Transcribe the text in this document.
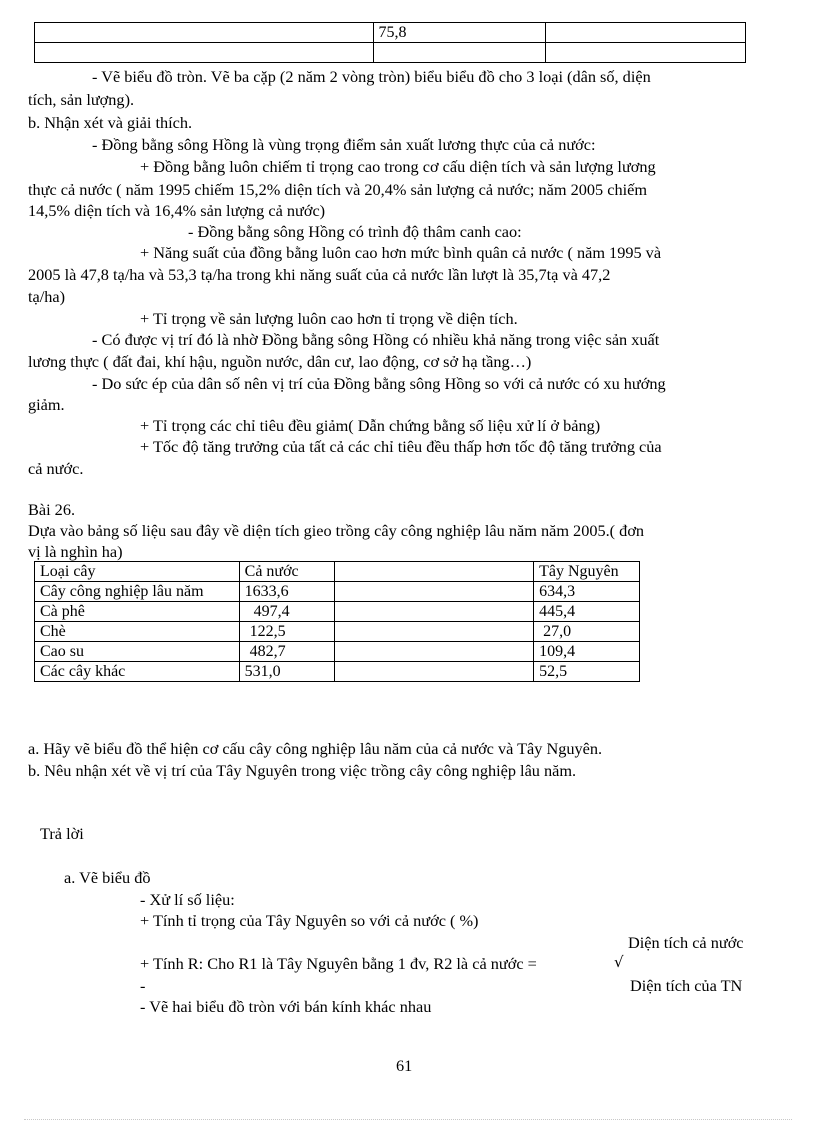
	75,8	

- Vẽ biểu đồ tròn. Vẽ ba cặp (2 năm 2 vòng tròn) biểu biểu đồ cho 3 loại (dân số, diện
tích, sản lượng).
b. Nhận xét và giải thích.
- Đồng bằng sông Hồng là vùng trọng điểm sản xuất lương thực của cả nước:
+ Đồng bằng luôn chiếm tỉ trọng cao trong cơ cấu diện tích và sản lượng lương
thực cả nước ( năm 1995 chiếm 15,2% diện tích và 20,4% sản lượng cả nước; năm 2005 chiếm
14,5% diện tích và 16,4% sản lượng cả nước)
- Đồng bằng sông Hồng có trình độ thâm canh cao:
+ Năng suất của đồng bằng luôn cao hơn mức bình quân cả nước ( năm 1995 và
2005 là 47,8 tạ/ha và 53,3 tạ/ha trong khi năng suất của cả nước lần lượt là 35,7tạ và 47,2
tạ/ha)
+ Tỉ trọng về sản lượng luôn cao hơn tỉ trọng về diện tích.
- Có được vị trí đó là nhờ Đồng bằng sông Hồng có nhiều khả năng trong việc sản xuất
lương thực ( đất đai, khí hậu, nguồn nước, dân cư, lao động, cơ sở hạ tầng…)
- Do sức ép của dân số nên vị trí của Đồng bằng sông Hồng so với cả nước có xu hướng
giảm.
+ Tỉ trọng các chỉ tiêu đều giảm( Dẫn chứng bằng số liệu xử lí ở bảng)
+ Tốc độ tăng trưởng của tất cả các chỉ tiêu đều thấp hơn tốc độ tăng trưởng của
cả nước.
Bài 26.
Dựa vào bảng số liệu sau đây về diện tích gieo trồng cây công nghiệp lâu năm năm 2005.( đơn
vị là nghìn ha)
Loại cây	Cả nước		Tây Nguyên
Cây công nghiệp lâu năm	1633,6		634,3
Cà phê	497,4		445,4
Chè	122,5		27,0
Cao su	482,7		109,4
Các cây khác	531,0		52,5
a. Hãy vẽ biểu đồ thể hiện cơ cấu cây công nghiệp lâu năm của cả nước và Tây Nguyên.
b. Nêu nhận xét về vị trí của Tây Nguyên trong việc trồng cây công nghiệp lâu năm.
Trả lời
a. Vẽ biểu đồ
- Xử lí số liệu:
+ Tính tỉ trọng của Tây Nguyên so với cả nước ( %)
Diện tích cả nước
+ Tính R: Cho R1 là Tây Nguyên bằng 1 đv, R2 là cả nước =	√
-	Diện tích của TN
- Vẽ hai biểu đồ tròn với bán kính khác nhau
61
